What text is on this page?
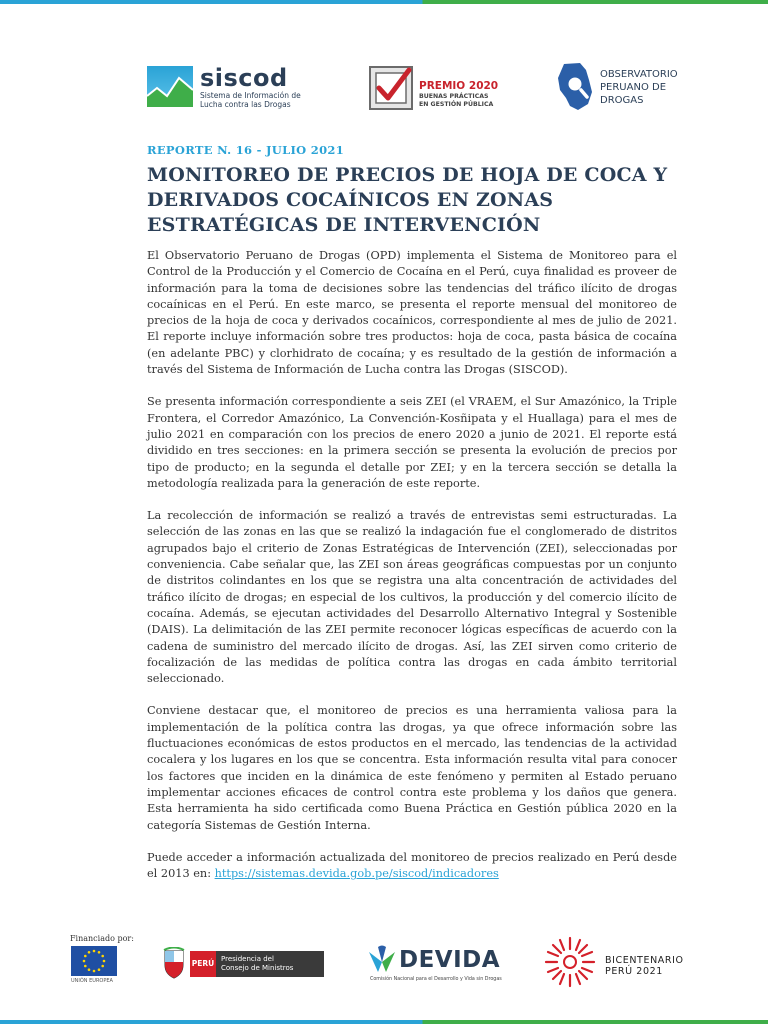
siscod
Sistema de Información de
Lucha contra las Drogas
PREMIO 2020
BUENAS PRÁCTICAS
EN GESTIÓN PÚBLICA
OBSERVATORIO
PERUANO DE
DROGAS
REPORTE N. 16 - JULIO 2021
MONITOREO DE PRECIOS DE HOJA DE COCA Y DERIVADOS COCAÍNICOS EN ZONAS ESTRATÉGICAS DE INTERVENCIÓN

El Observatorio Peruano de Drogas (OPD) implementa el Sistema de Monitoreo para el Control de la Producción y el Comercio de Cocaína en el Perú, cuya finalidad es proveer de información para la toma de decisiones sobre las tendencias del tráfico ilícito de drogas cocaínicas en el Perú. En este marco, se presenta el reporte mensual del monitoreo de precios de la hoja de coca y derivados cocaínicos, correspondiente al mes de julio de 2021. El reporte incluye información sobre tres productos: hoja de coca, pasta básica de cocaína (en adelante PBC) y clorhidrato de cocaína; y es resultado de la gestión de información a través del Sistema de Información de Lucha contra las Drogas (SISCOD).

Se presenta información correspondiente a seis ZEI (el VRAEM, el Sur Amazónico, la Triple Frontera, el Corredor Amazónico, La Convención-Kosñipata y el Huallaga) para el mes de julio 2021 en comparación con los precios de enero 2020 a junio de 2021. El reporte está dividido en tres secciones: en la primera sección se presenta la evolución de precios por tipo de producto; en la segunda el detalle por ZEI; y en la tercera sección se detalla la metodología realizada para la generación de este reporte.

La recolección de información se realizó a través de entrevistas semi estructuradas. La selección de las zonas en las que se realizó la indagación fue el conglomerado de distritos agrupados bajo el criterio de Zonas Estratégicas de Intervención (ZEI), seleccionadas por conveniencia. Cabe señalar que, las ZEI son áreas geográficas compuestas por un conjunto de distritos colindantes en los que se registra una alta concentración de actividades del tráfico ilícito de drogas; en especial de los cultivos, la producción y del comercio ilícito de cocaína. Además, se ejecutan actividades del Desarrollo Alternativo Integral y Sostenible (DAIS). La delimitación de las ZEI permite reconocer lógicas específicas de acuerdo con la cadena de suministro del mercado ilícito de drogas. Así, las ZEI sirven como criterio de focalización de las medidas de política contra las drogas en cada ámbito territorial seleccionado.

Conviene destacar que, el monitoreo de precios es una herramienta valiosa para la implementación de la política contra las drogas, ya que ofrece información sobre las fluctuaciones económicas de estos productos en el mercado, las tendencias de la actividad cocalera y los lugares en los que se concentra. Esta información resulta vital para conocer los factores que inciden en la dinámica de este fenómeno y permiten al Estado peruano implementar acciones eficaces de control contra este problema y los daños que genera. Esta herramienta ha sido certificada como Buena Práctica en Gestión pública 2020 en la categoría Sistemas de Gestión Interna.

Puede acceder a información actualizada del monitoreo de precios realizado en Perú desde el 2013 en: https://sistemas.devida.gob.pe/siscod/indicadores

Financiado por:
UNIÓN EUROPEA
PERÚ Presidencia del
Consejo de Ministros	DEVIDA
Comisión Nacional para el Desarrollo y Vida sin Drogas
BICENTENARIO
PERÚ 2021
